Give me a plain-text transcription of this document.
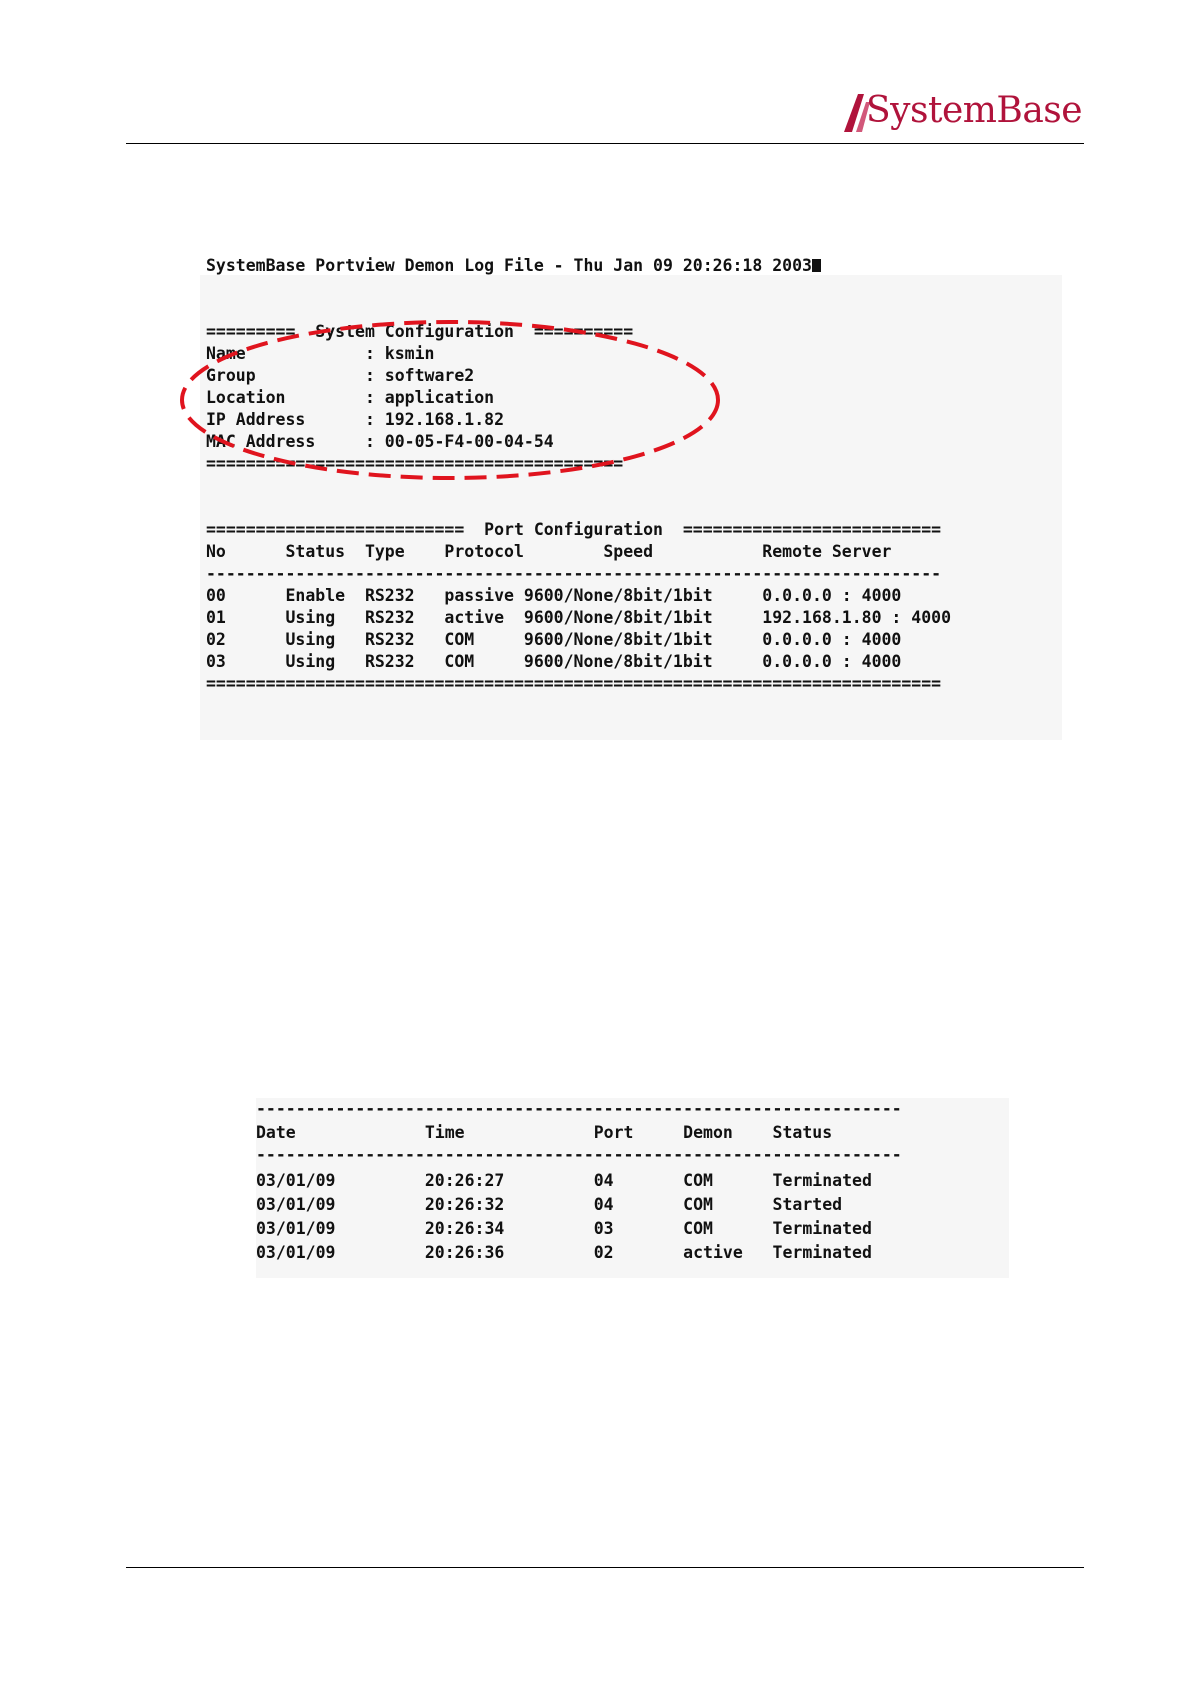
SystemBase
SystemBase Portview Demon Log File - Thu Jan 09 20:26:18 2003
=========  System Configuration  ==========
Name            : ksmin
Group           : software2
Location        : application
IP Address      : 192.168.1.82
MAC Address     : 00-05-F4-00-04-54
==========================================
==========================  Port Configuration  ==========================
No      Status  Type    Protocol        Speed           Remote Server
--------------------------------------------------------------------------
00      Enable  RS232   passive 9600/None/8bit/1bit     0.0.0.0 : 4000
01      Using   RS232   active  9600/None/8bit/1bit     192.168.1.80 : 4000
02      Using   RS232   COM     9600/None/8bit/1bit     0.0.0.0 : 4000
03      Using   RS232   COM     9600/None/8bit/1bit     0.0.0.0 : 4000
==========================================================================
-----------------------------------------------------------------
Date             Time             Port     Demon    Status
-----------------------------------------------------------------
03/01/09         20:26:27         04       COM      Terminated
03/01/09         20:26:32         04       COM      Started
03/01/09         20:26:34         03       COM      Terminated
03/01/09         20:26:36         02       active   Terminated
